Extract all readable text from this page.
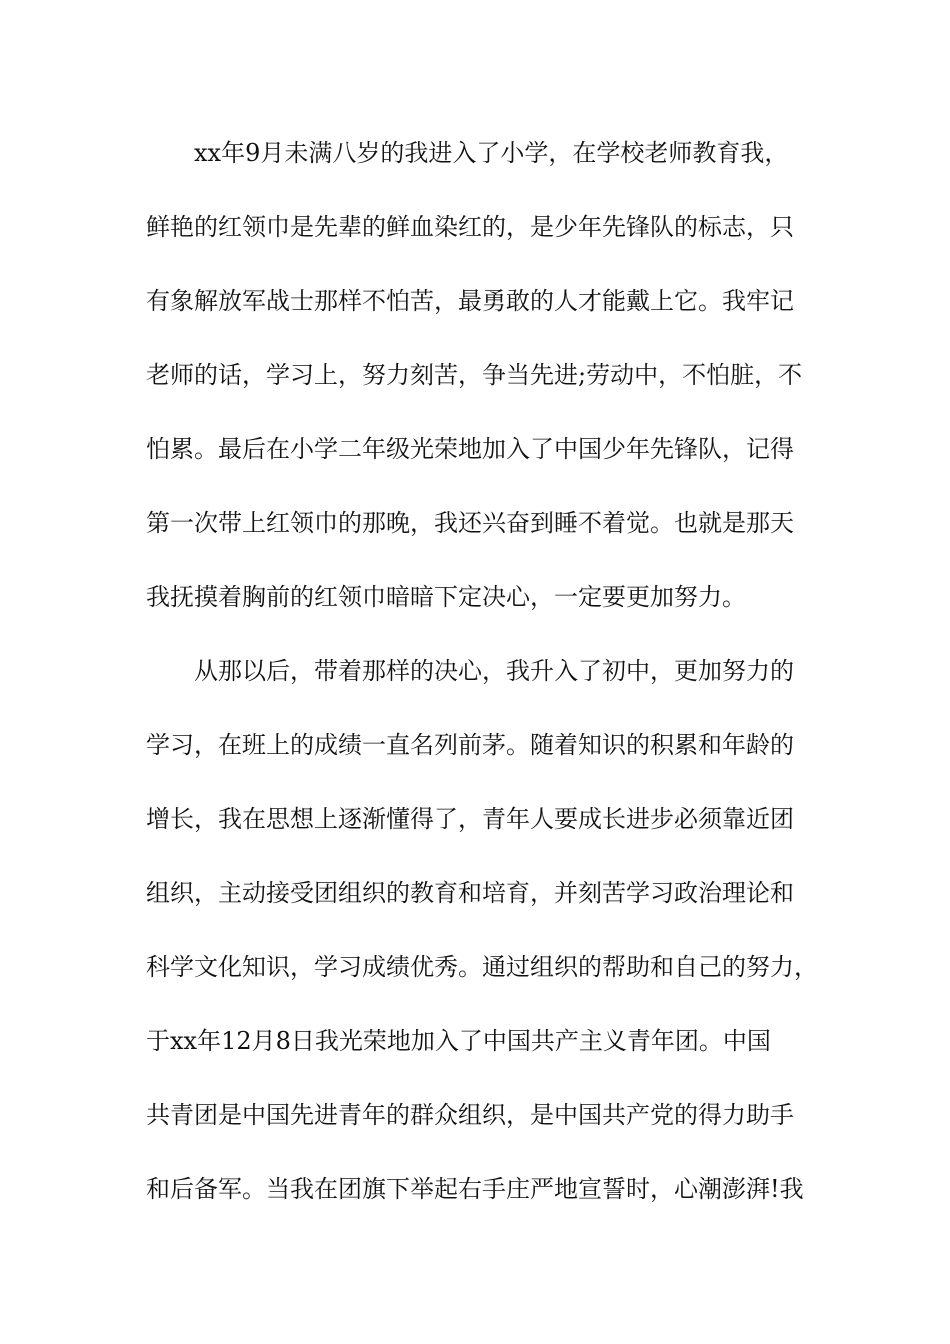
xx年9月未满八岁的我进入了小学，在学校老师教育我，
鲜艳的红领巾是先辈的鲜血染红的，是少年先锋队的标志，只
有象解放军战士那样不怕苦，最勇敢的人才能戴上它。我牢记
老师的话，学习上，努力刻苦，争当先进;劳动中，不怕脏，不
怕累。最后在小学二年级光荣地加入了中国少年先锋队，记得
第一次带上红领巾的那晚，我还兴奋到睡不着觉。也就是那天
我抚摸着胸前的红领巾暗暗下定决心，一定要更加努力。
从那以后，带着那样的决心，我升入了初中，更加努力的
学习，在班上的成绩一直名列前茅。随着知识的积累和年龄的
增长，我在思想上逐渐懂得了，青年人要成长进步必须靠近团
组织，主动接受团组织的教育和培育，并刻苦学习政治理论和
科学文化知识，学习成绩优秀。通过组织的帮助和自己的努力，
于xx年12月8日我光荣地加入了中国共产主义青年团。中国
共青团是中国先进青年的群众组织，是中国共产党的得力助手
和后备军。当我在团旗下举起右手庄严地宣誓时，心潮澎湃!我
